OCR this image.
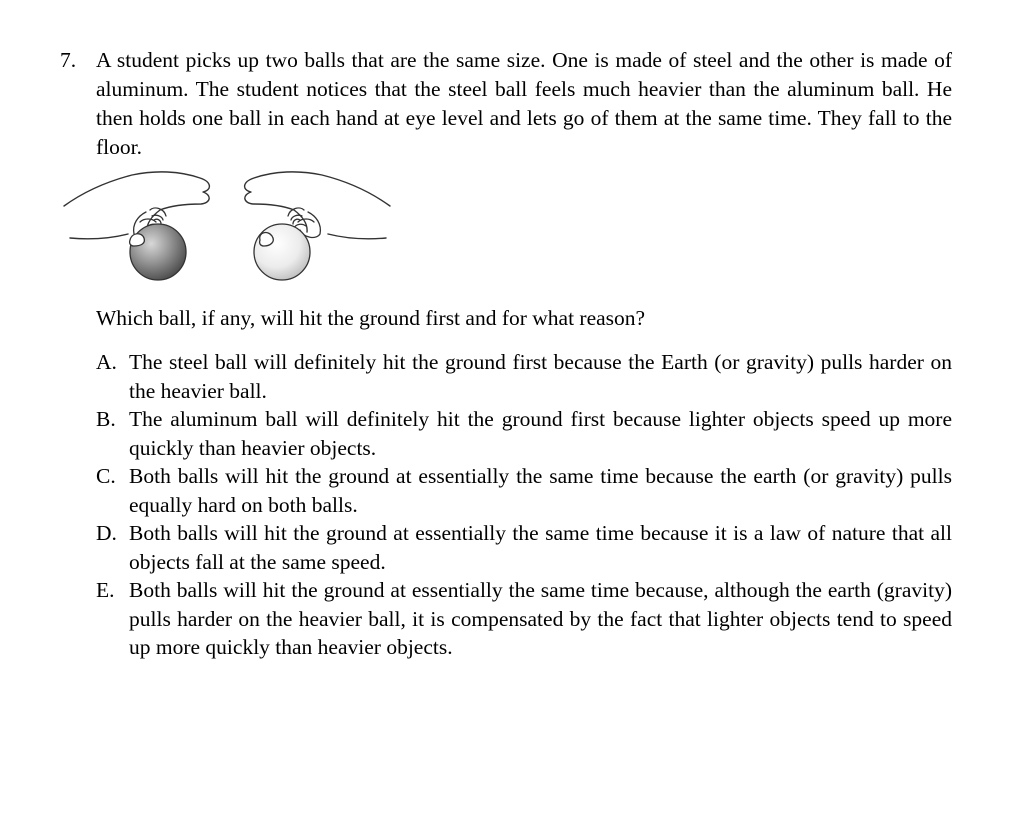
7. A student picks up two balls that are the same size. One is made of steel and the other is made of aluminum. The student notices that the steel ball feels much heavier than the aluminum ball. He then holds one ball in each hand at eye level and lets go of them at the same time. They fall to the floor.
Which ball, if any, will hit the ground first and for what reason?
A. The steel ball will definitely hit the ground first because the Earth (or gravity) pulls harder on the heavier ball.
B. The aluminum ball will definitely hit the ground first because lighter objects speed up more quickly than heavier objects.
C. Both balls will hit the ground at essentially the same time because the earth (or gravity) pulls equally hard on both balls.
D. Both balls will hit the ground at essentially the same time because it is a law of nature that all objects fall at the same speed.
E. Both balls will hit the ground at essentially the same time because, although the earth (gravity) pulls harder on the heavier ball, it is compensated by the fact that lighter objects tend to speed up more quickly than heavier objects.
